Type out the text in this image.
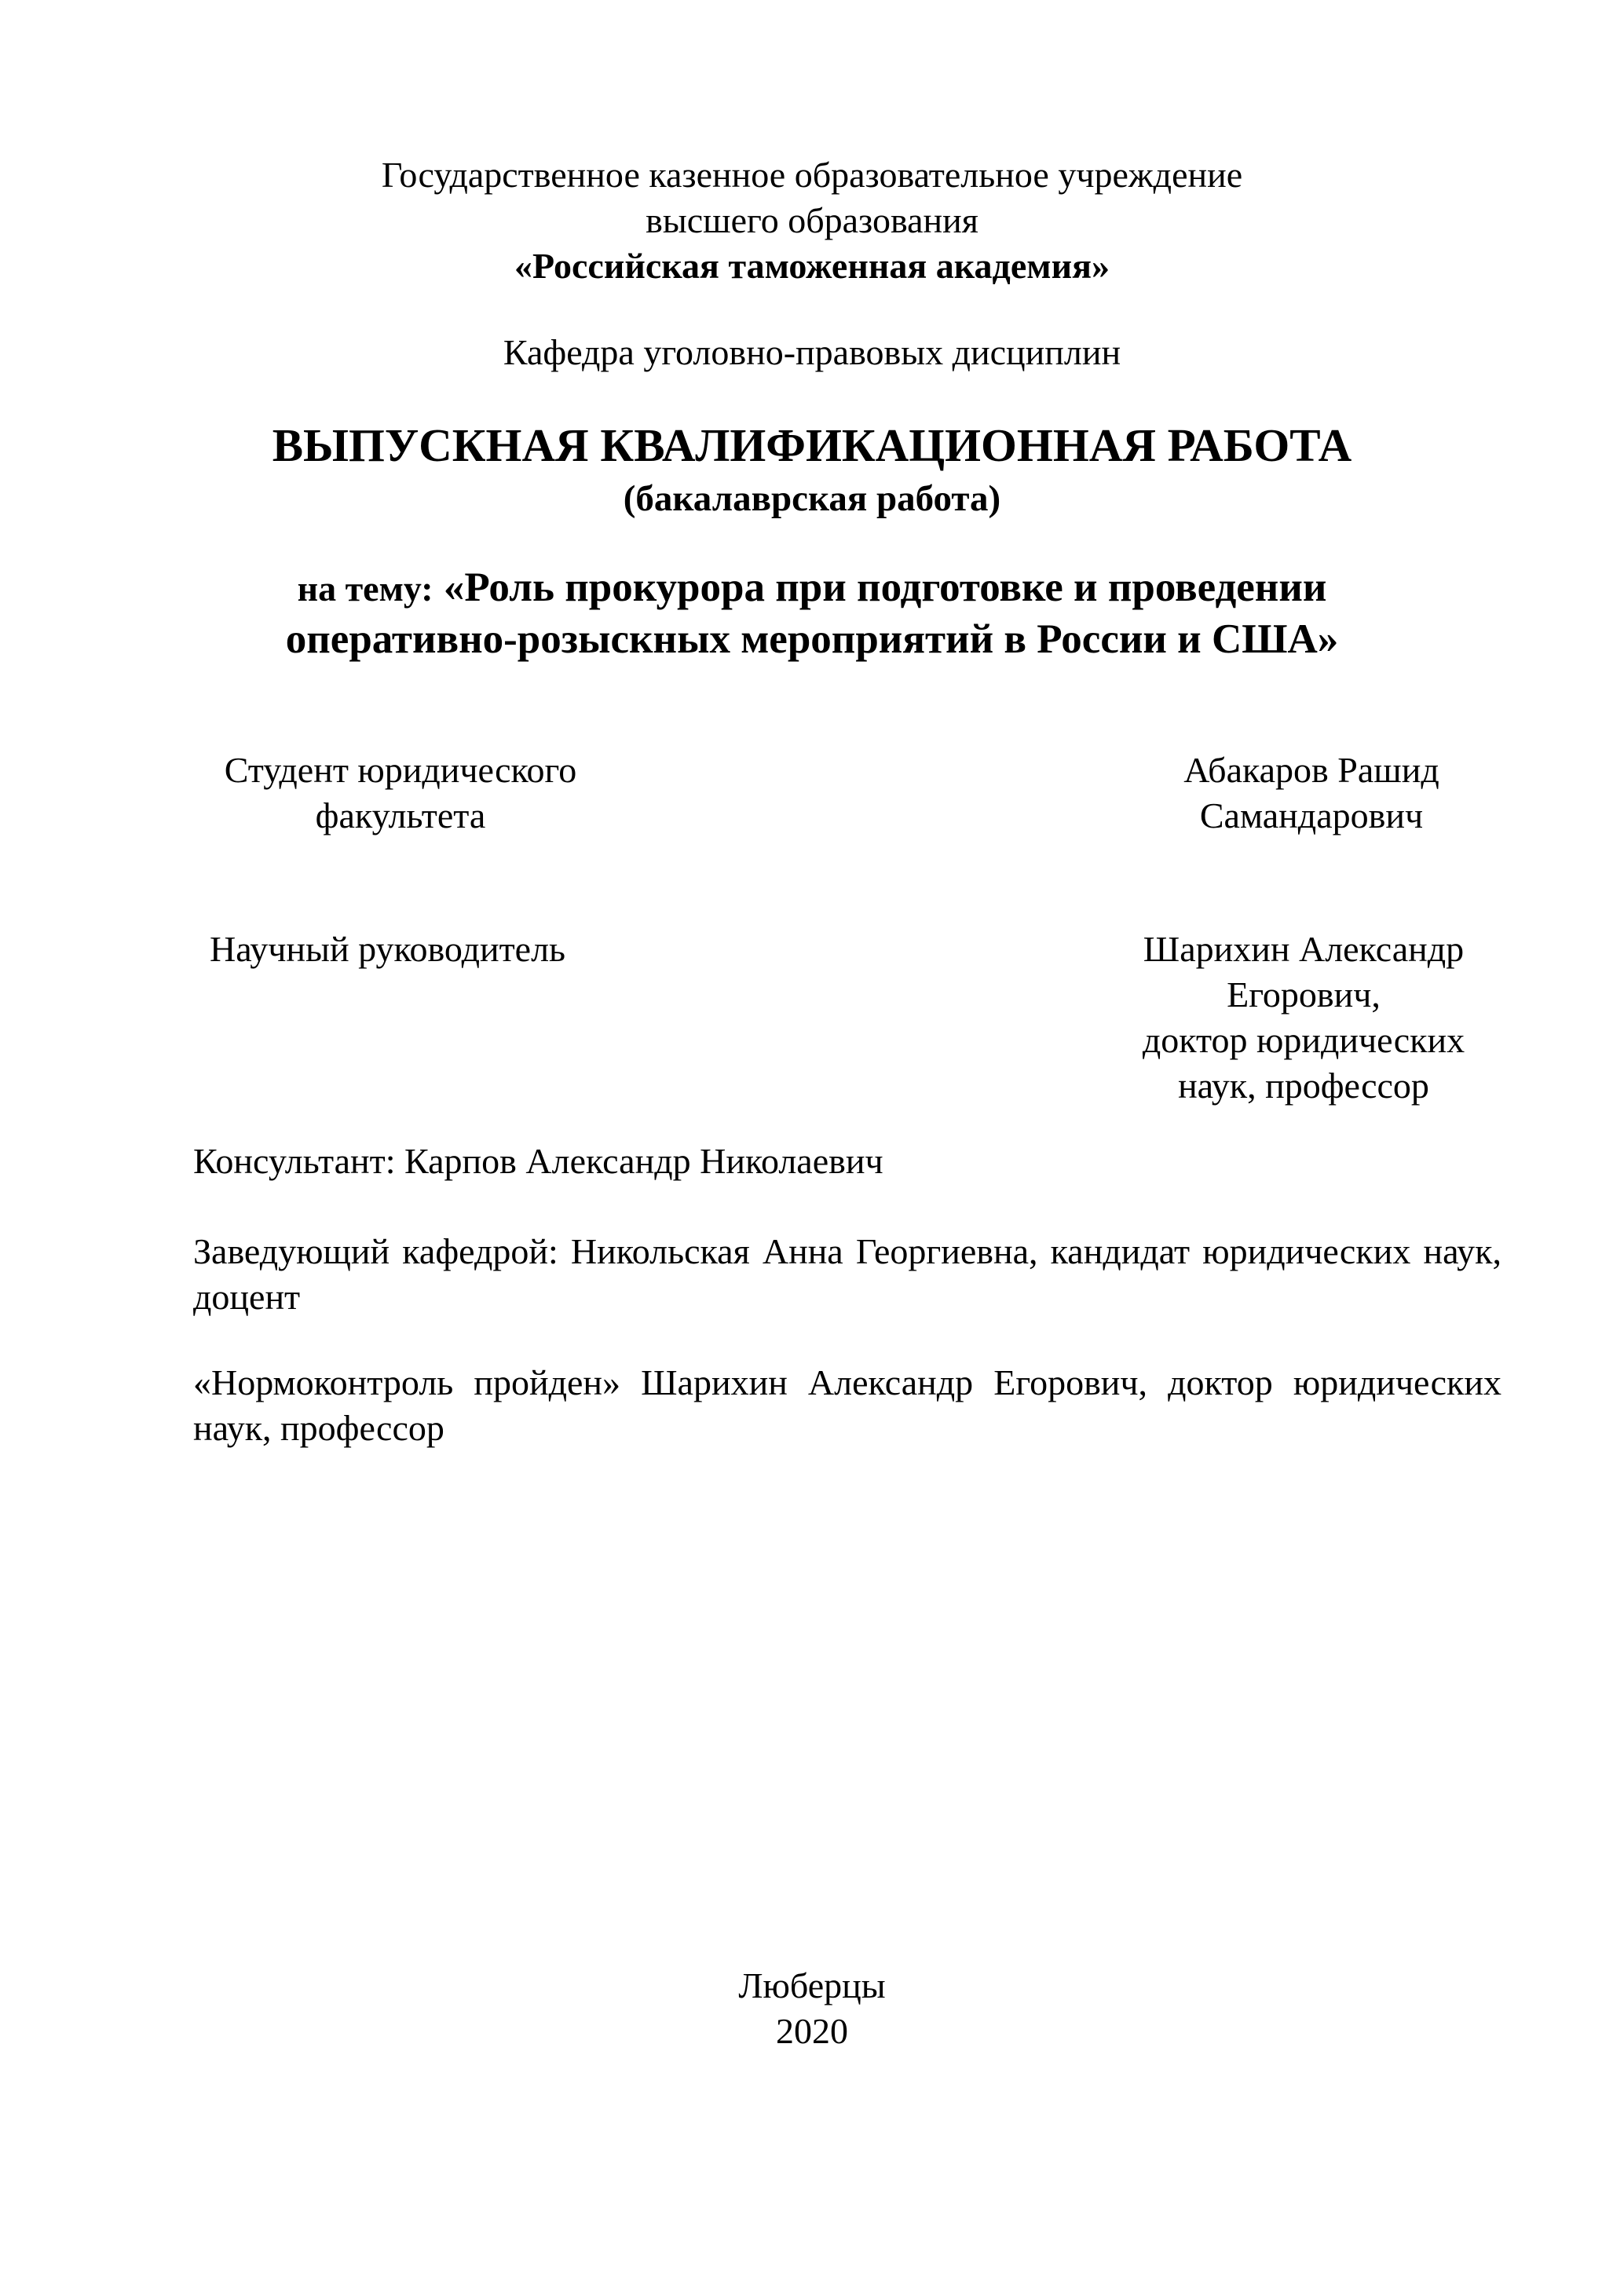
Государственное казенное образовательное учреждение
высшего образования
«Российская таможенная академия»
Кафедра уголовно-правовых дисциплин
ВЫПУСКНАЯ КВАЛИФИКАЦИОННАЯ РАБОТА
(бакалаврская работа)
на тему: «Роль прокурора при подготовке и проведении
оперативно-розыскных мероприятий в России и США»
Студент юридического
факультета
Абакаров Рашид
Самандарович
Научный руководитель	Шарихин Александр
Егорович,
доктор юридических
наук, профессор
Консультант: Карпов Александр Николаевич
Заведующий кафедрой: Никольская Анна Георгиевна, кандидат юридических наук, доцент
«Нормоконтроль пройден» Шарихин Александр Егорович, доктор юридических наук, профессор
Люберцы
2020
